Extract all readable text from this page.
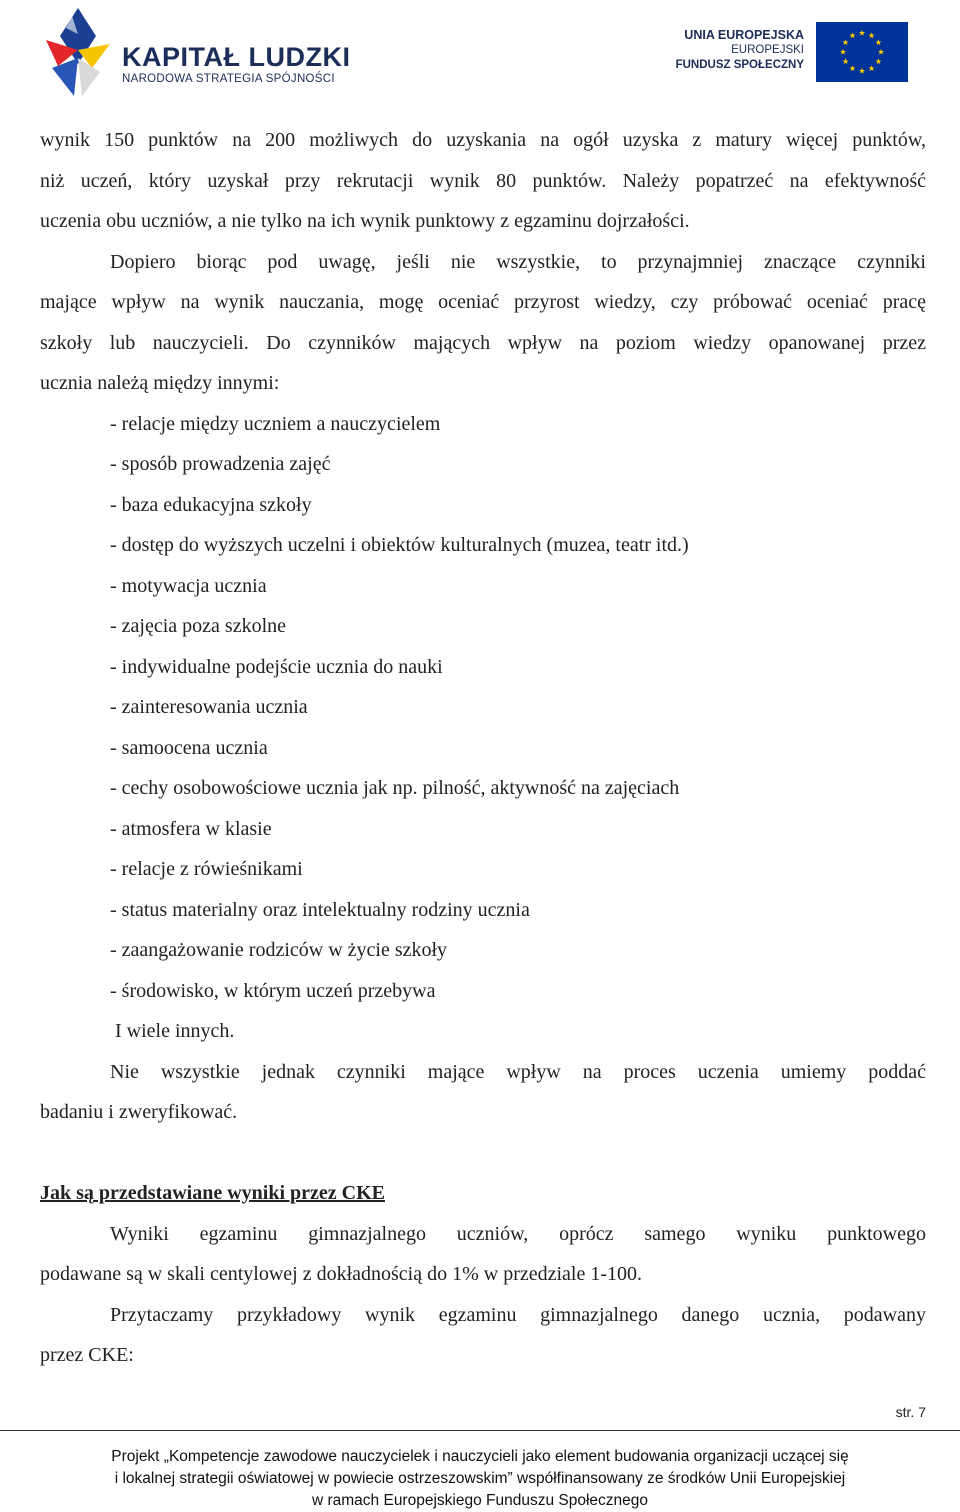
KAPITAŁ LUDZKI
NARODOWA STRATEGIA SPÓJNOŚCI
UNIA EUROPEJSKA
EUROPEJSKI
FUNDUSZ SPOŁECZNY
wynik 150 punktów na 200 możliwych do uzyskania na ogół uzyska z matury więcej punktów,
niż uczeń, który uzyskał przy rekrutacji wynik 80 punktów. Należy popatrzeć na efektywność
uczenia obu uczniów, a nie tylko na ich wynik punktowy z egzaminu dojrzałości.
Dopiero biorąc pod uwagę, jeśli nie wszystkie, to przynajmniej znaczące czynniki
mające wpływ na wynik nauczania, mogę oceniać przyrost wiedzy, czy próbować oceniać pracę
szkoły lub nauczycieli. Do czynników mających wpływ na poziom wiedzy opanowanej przez
ucznia należą między innymi:
- relacje między uczniem a nauczycielem
- sposób prowadzenia zajęć
- baza edukacyjna szkoły
- dostęp do wyższych uczelni i obiektów kulturalnych (muzea, teatr itd.)
- motywacja ucznia
- zajęcia poza szkolne
- indywidualne podejście ucznia do nauki
- zainteresowania ucznia
- samoocena ucznia
- cechy osobowościowe ucznia jak np. pilność, aktywność na zajęciach
- atmosfera w klasie
- relacje z rówieśnikami
- status materialny oraz intelektualny rodziny ucznia
- zaangażowanie rodziców w życie szkoły
- środowisko, w którym uczeń przebywa
I wiele innych.
Nie wszystkie jednak czynniki mające wpływ na proces uczenia umiemy poddać
badaniu i zweryfikować.
Jak są przedstawiane wyniki przez CKE
Wyniki egzaminu gimnazjalnego uczniów, oprócz samego wyniku punktowego
podawane są w skali centylowej z dokładnością do 1% w przedziale 1-100.
Przytaczamy przykładowy wynik egzaminu gimnazjalnego danego ucznia, podawany
przez CKE:
str. 7
Projekt „Kompetencje zawodowe nauczycielek i nauczycieli jako element budowania organizacji uczącej się
i lokalnej strategii oświatowej w powiecie ostrzeszowskim” współfinansowany ze środków Unii Europejskiej
w ramach Europejskiego Funduszu Społecznego
